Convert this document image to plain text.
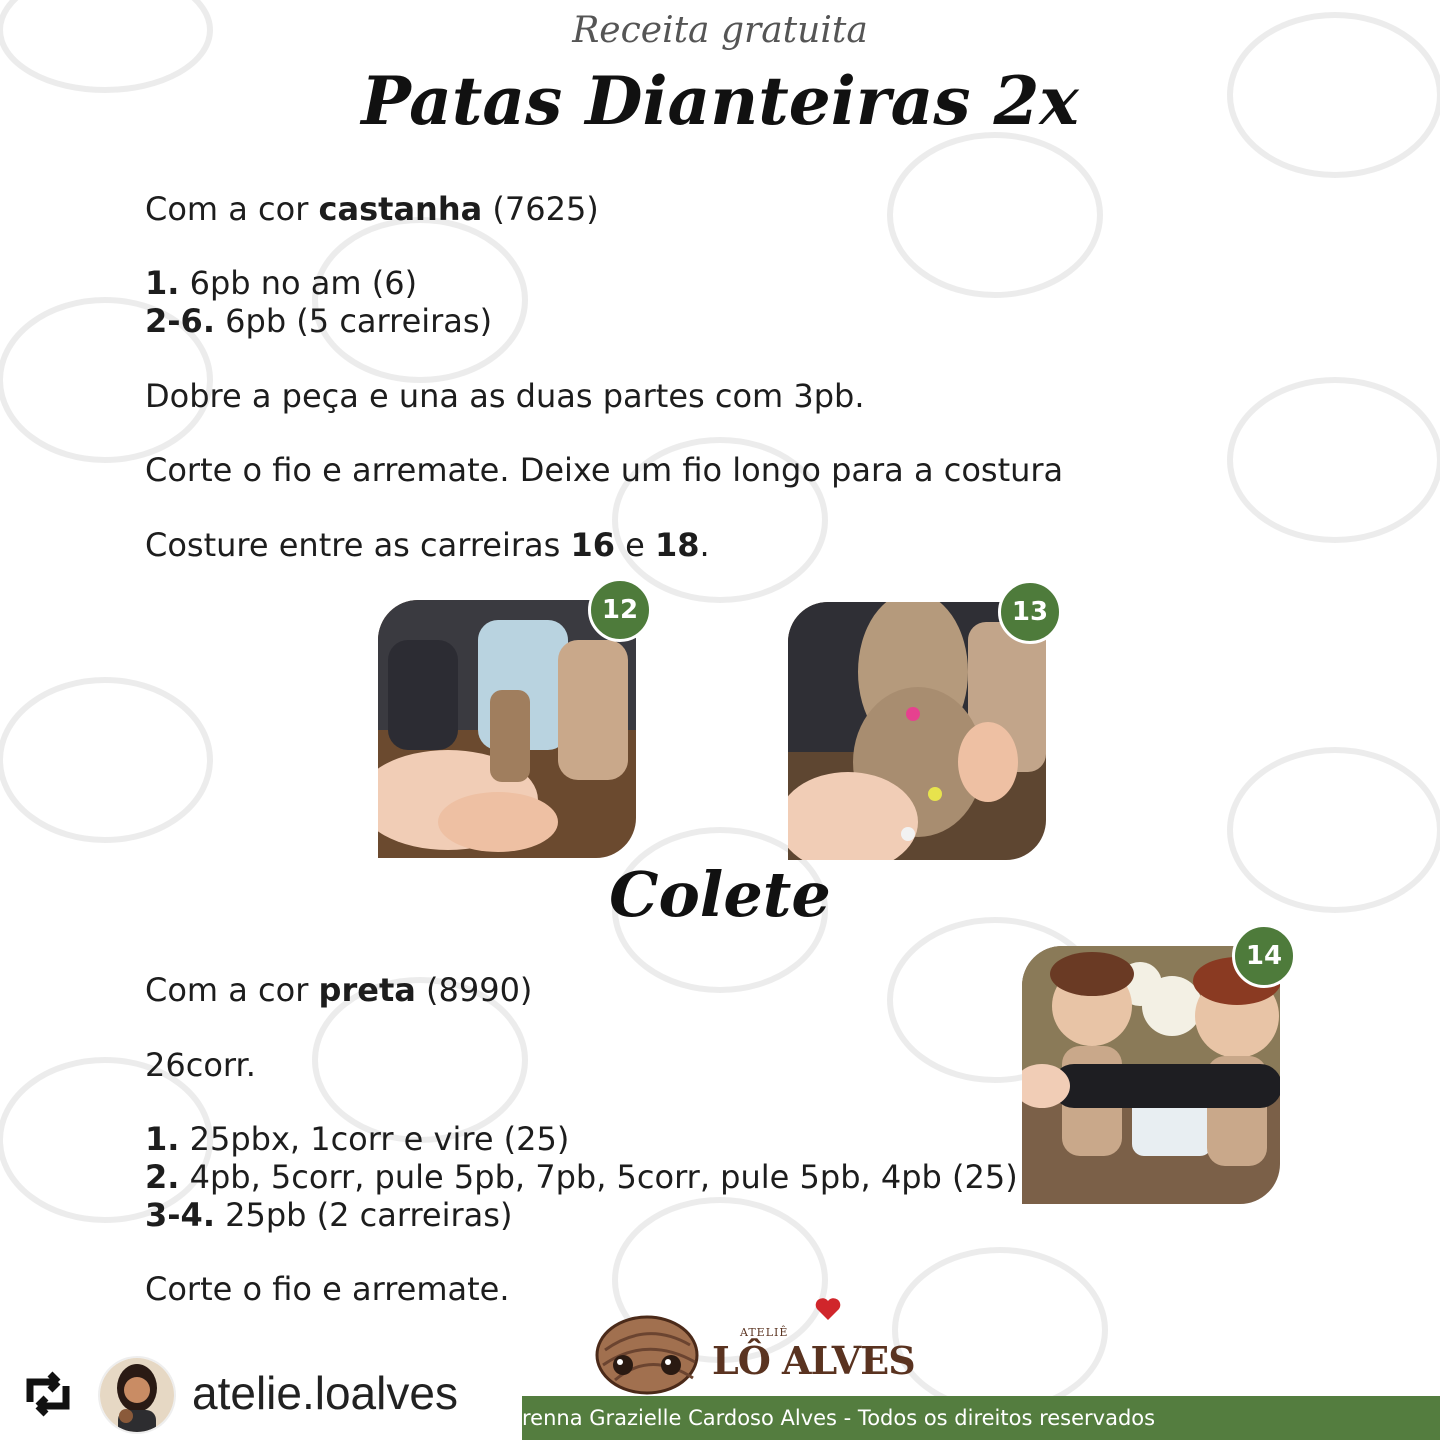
Receita gratuita
Patas Dianteiras 2x
Com a cor castanha (7625)
1. 6pb no am (6)
2-6. 6pb (5 carreiras)
Dobre a peça e una as duas partes com 3pb.
Corte o fio e arremate. Deixe um fio longo para a costura
Costure entre as carreiras 16 e 18.
12	13
Colete
Com a cor preta (8990)
26corr.
1. 25pbx, 1corr e vire (25)
2. 4pb, 5corr, pule 5pb, 7pb, 5corr, pule 5pb, 4pb (25)
3-4. 25pb (2 carreiras)
Corte o fio e arremate.
14
ATELIÊ
LÔ ALVES
atelie.loalves	renna Grazielle Cardoso Alves - Todos os direitos reservados
